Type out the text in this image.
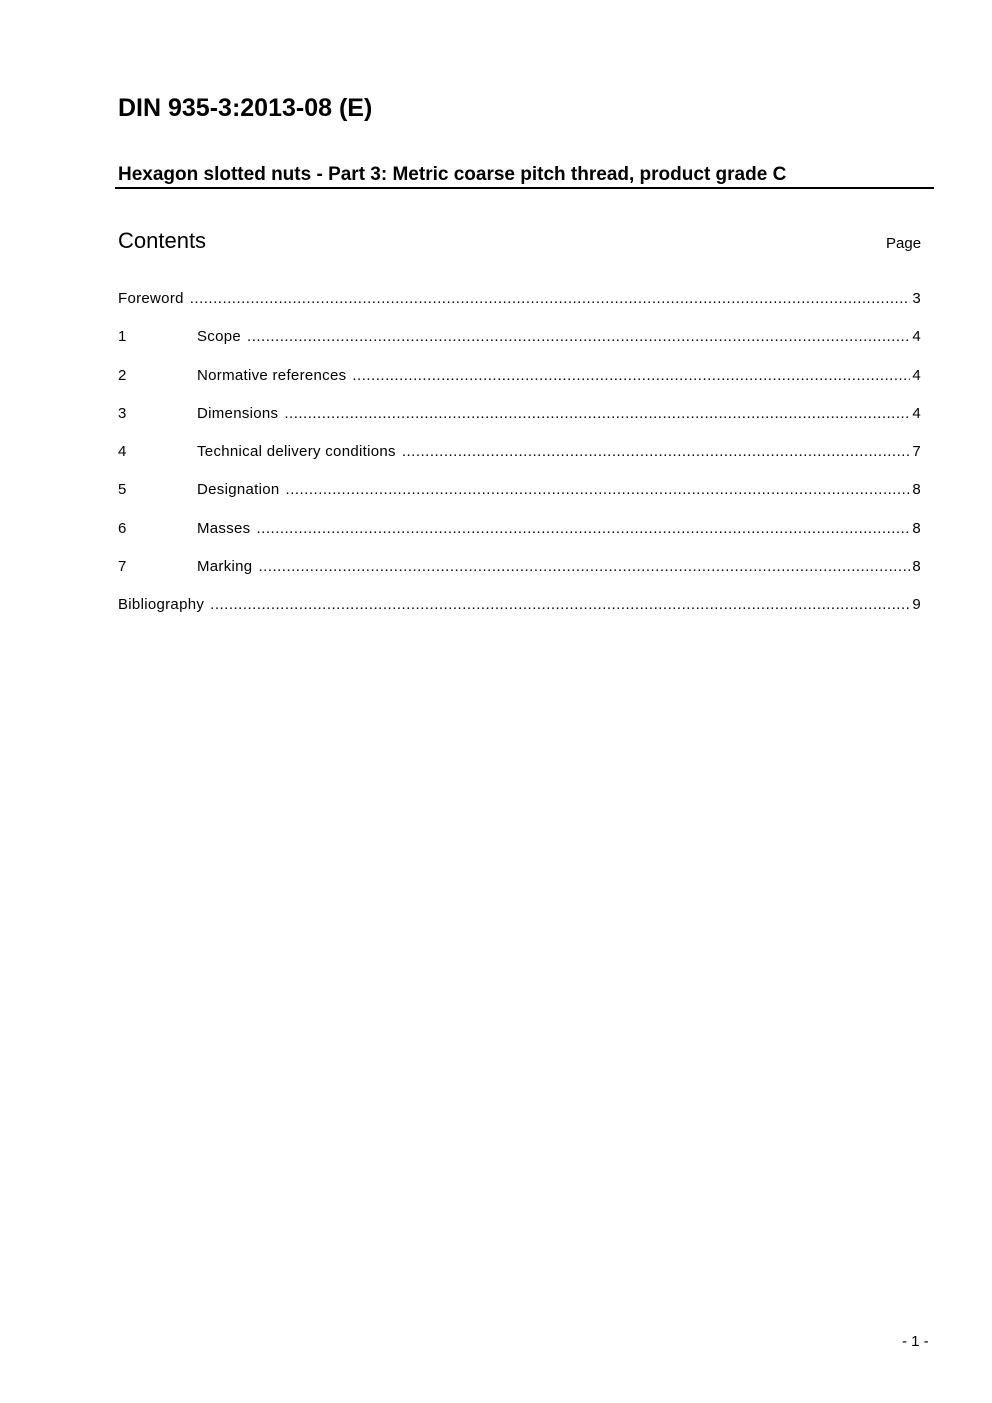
DIN 935-3:2013-08 (E)
Hexagon slotted nuts - Part 3: Metric coarse pitch thread, product grade C
Contents	Page
Foreword .....	3
1	Scope .....	4
2	Normative references .....	4
3	Dimensions .....	4
4	Technical delivery conditions .....	7
5	Designation .....	8
6	Masses .....	8
7	Marking .....	8
Bibliography .....	9
- 1 -
